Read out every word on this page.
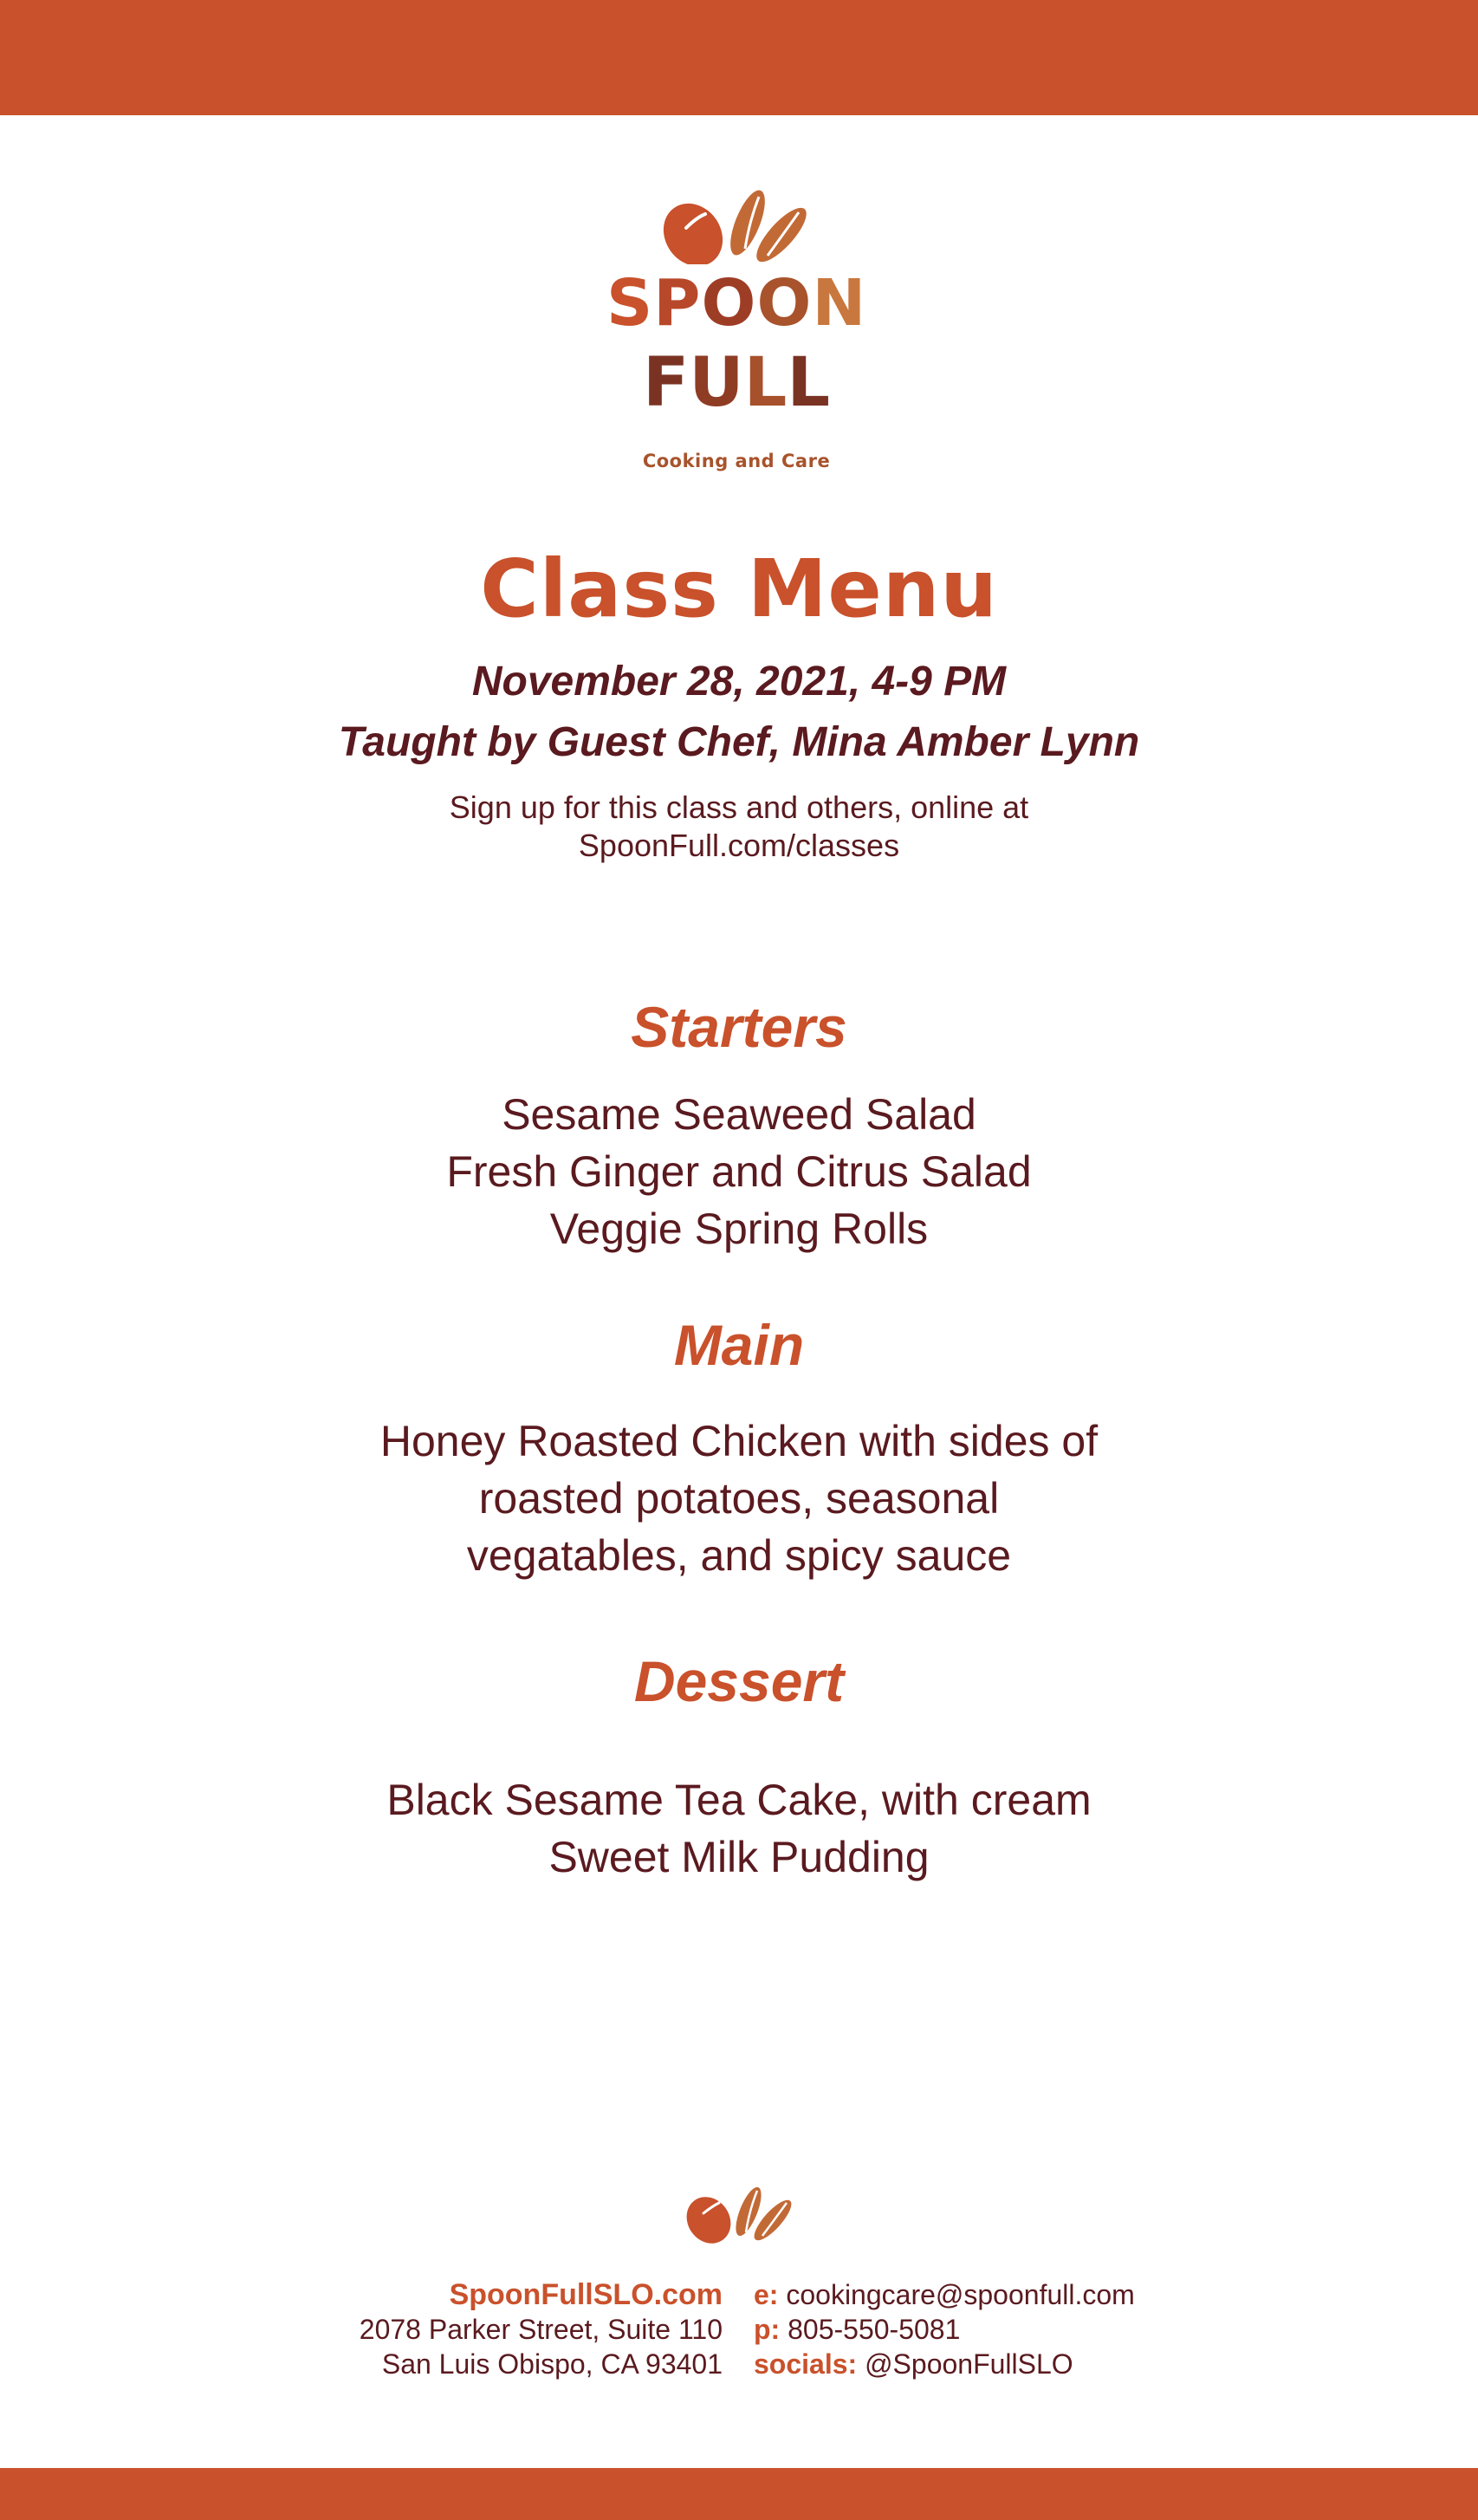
SPOON
FULL
Cooking and Care
Class Menu
November 28, 2021, 4-9 PM
Taught by Guest Chef, Mina Amber Lynn
Sign up for this class and others, online at
SpoonFull.com/classes
Starters
Sesame Seaweed Salad
Fresh Ginger and Citrus Salad
Veggie Spring Rolls
Main
Honey Roasted Chicken with sides of
roasted potatoes, seasonal
vegatables, and spicy sauce
Dessert
Black Sesame Tea Cake, with cream
Sweet Milk Pudding
SpoonFullSLO.com
2078 Parker Street, Suite 110
San Luis Obispo, CA 93401
e: cookingcare@spoonfull.com
p: 805-550-5081
socials: @SpoonFullSLO
